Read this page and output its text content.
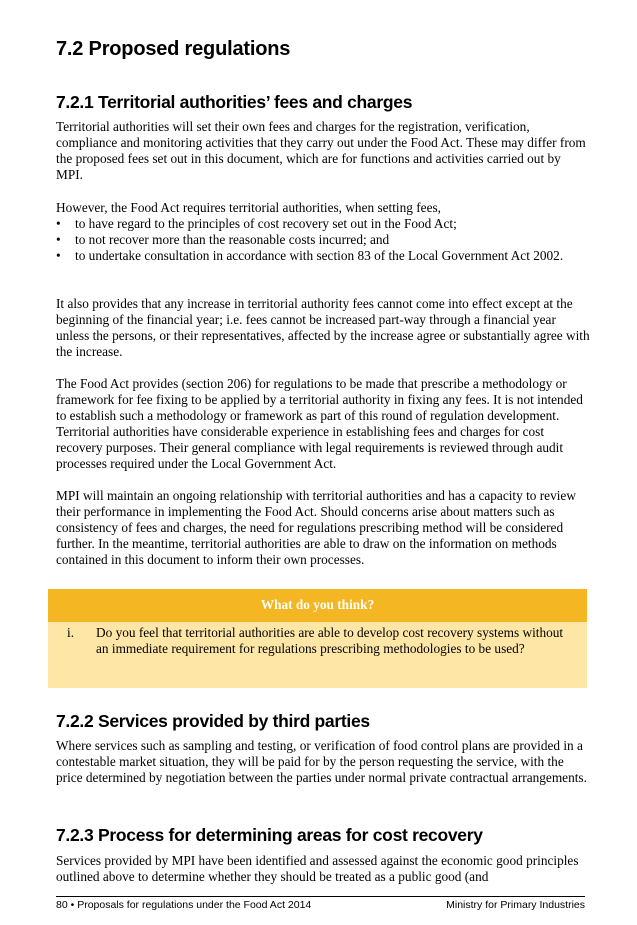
7.2 Proposed regulations
7.2.1 Territorial authorities’ fees and charges

Territorial authorities will set their own fees and charges for the registration, verification, compliance and monitoring activities that they carry out under the Food Act. These may differ from the proposed fees set out in this document, which are for functions and activities carried out by MPI.

However, the Food Act requires territorial authorities, when setting fees,

•	to have regard to the principles of cost recovery set out in the Food Act;
•	to not recover more than the reasonable costs incurred; and
•	to undertake consultation in accordance with section 83 of the Local Government Act 2002.

It also provides that any increase in territorial authority fees cannot come into effect except at the beginning of the financial year; i.e. fees cannot be increased part-way through a financial year unless the persons, or their representatives, affected by the increase agree or substantially agree with the increase.

The Food Act provides (section 206) for regulations to be made that prescribe a methodology or framework for fee fixing to be applied by a territorial authority in fixing any fees. It is not intended to establish such a methodology or framework as part of this round of regulation development. Territorial authorities have considerable experience in establishing fees and charges for cost recovery purposes. Their general compliance with legal requirements is reviewed through audit processes required under the Local Government Act.

MPI will maintain an ongoing relationship with territorial authorities and has a capacity to review their performance in implementing the Food Act. Should concerns arise about matters such as consistency of fees and charges, the need for regulations prescribing method will be considered further. In the meantime, territorial authorities are able to draw on the information on methods contained in this document to inform their own processes.

What do you think?
i. Do you feel that territorial authorities are able to develop cost recovery systems without an immediate requirement for regulations prescribing methodologies to be used?
7.2.2 Services provided by third parties

Where services such as sampling and testing, or verification of food control plans are provided in a contestable market situation, they will be paid for by the person requesting the service, with the price determined by negotiation between the parties under normal private contractual arrangements.

7.2.3 Process for determining areas for cost recovery

Services provided by MPI have been identified and assessed against the economic good principles outlined above to determine whether they should be treated as a public good (and

80 • Proposals for regulations under the Food Act 2014	Ministry for Primary Industries
